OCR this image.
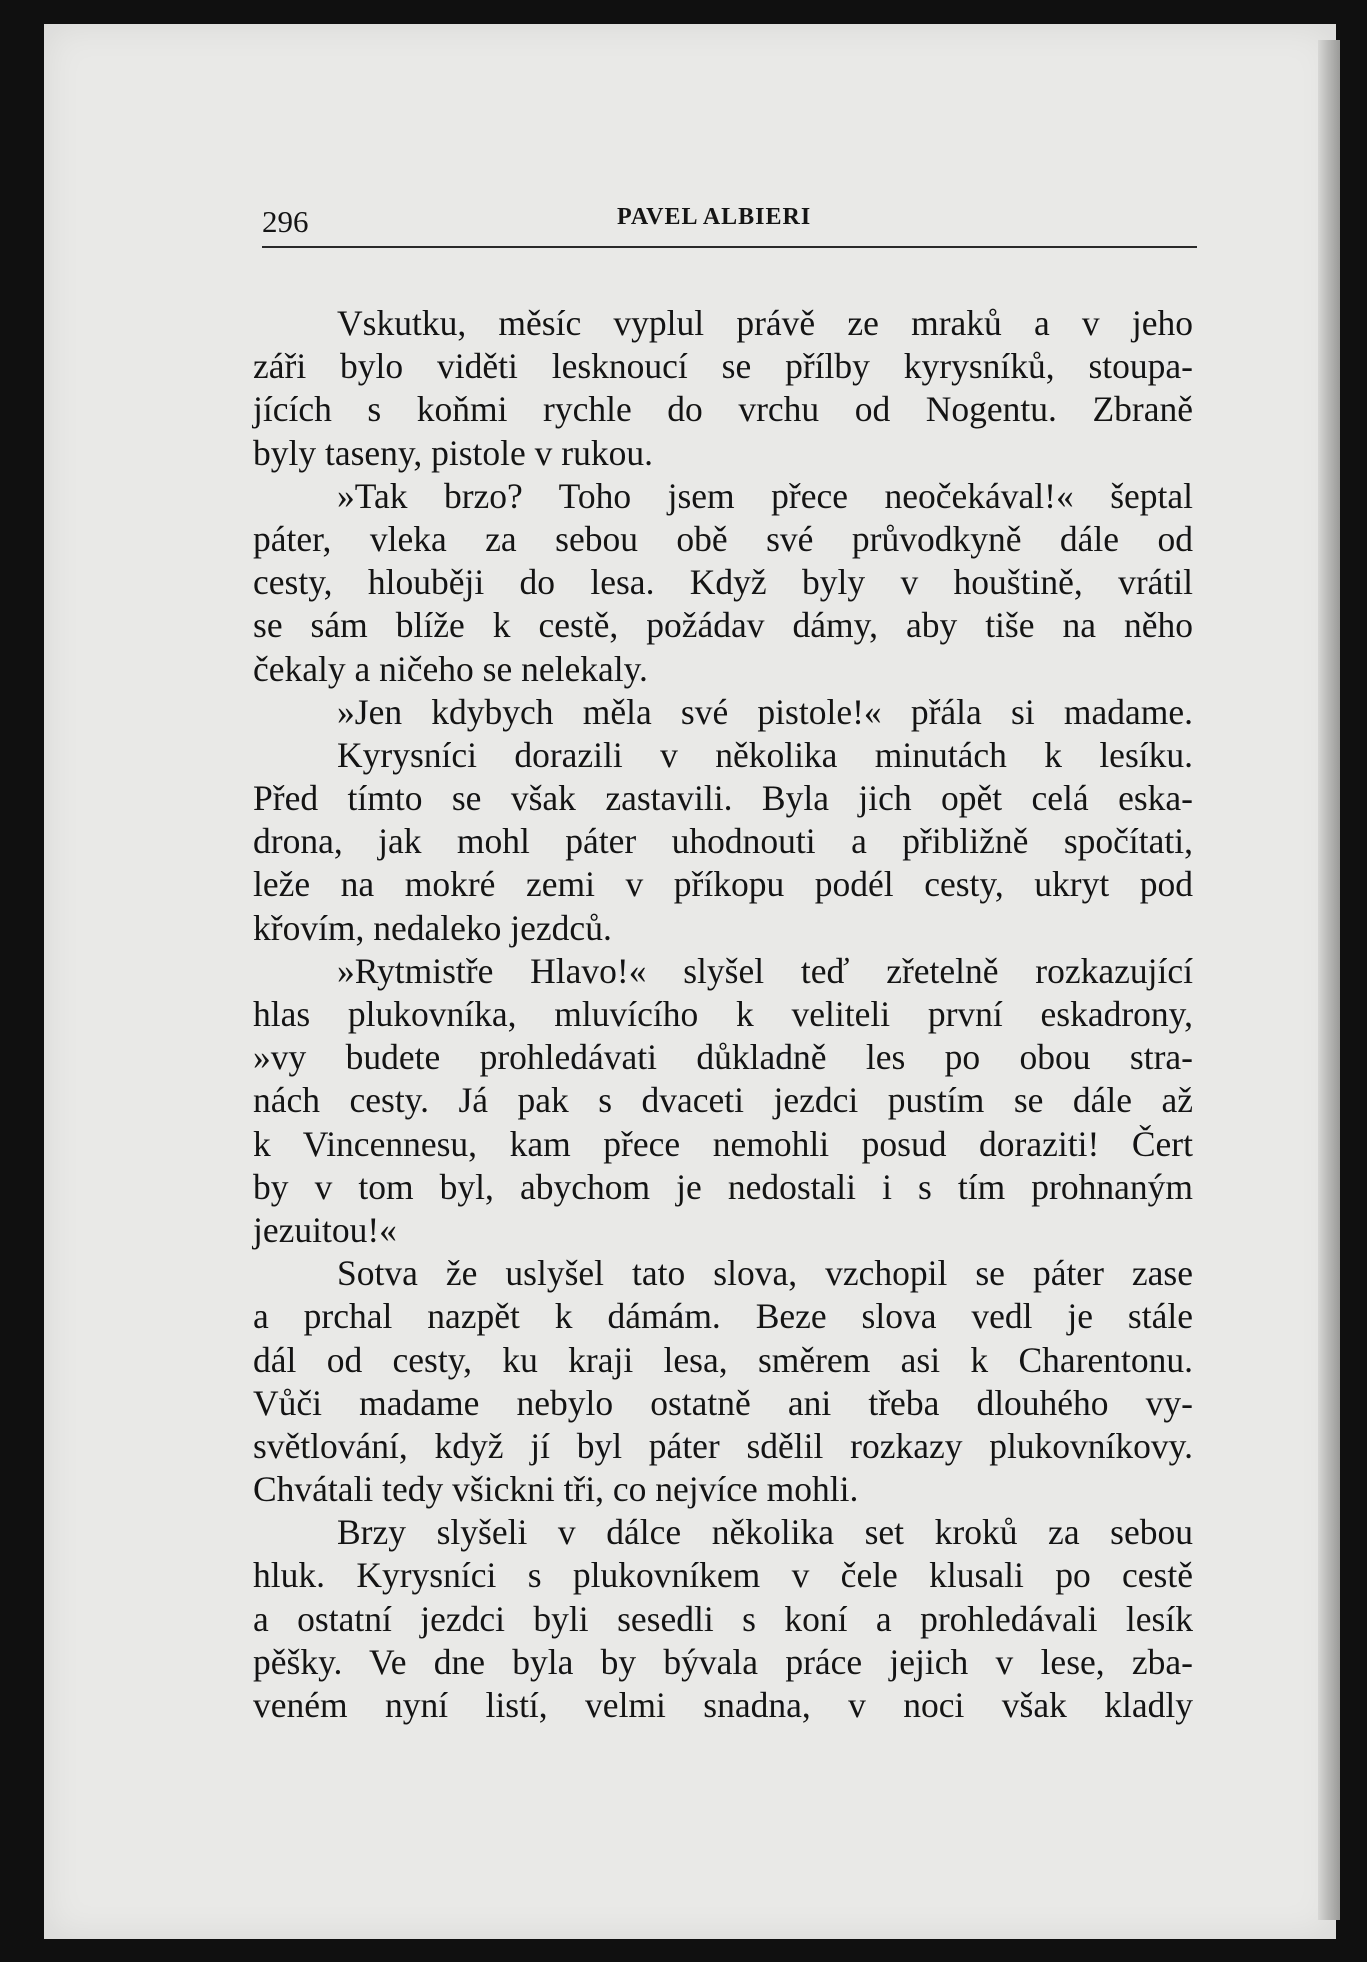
296	PAVEL ALBIERI
Vskutku, měsíc vyplul právě ze mraků a v jeho
záři bylo viděti lesknoucí se přílby kyrysníků, stoupa-
jících s koňmi rychle do vrchu od Nogentu. Zbraně
byly taseny, pistole v rukou.
»Tak brzo? Toho jsem přece neočekával!« šeptal
páter, vleka za sebou obě své průvodkyně dále od
cesty, hlouběji do lesa. Když byly v houštině, vrátil
se sám blíže k cestě, požádav dámy, aby tiše na něho
čekaly a ničeho se nelekaly.
»Jen kdybych měla své pistole!« přála si madame.
Kyrysníci dorazili v několika minutách k lesíku.
Před tímto se však zastavili. Byla jich opět celá eska-
drona, jak mohl páter uhodnouti a přibližně spočítati,
leže na mokré zemi v příkopu podél cesty, ukryt pod
křovím, nedaleko jezdců.
»Rytmistře Hlavo!« slyšel teď zřetelně rozkazující
hlas plukovníka, mluvícího k veliteli první eskadrony,
»vy budete prohledávati důkladně les po obou stra-
nách cesty. Já pak s dvaceti jezdci pustím se dále až
k Vincennesu, kam přece nemohli posud doraziti! Čert
by v tom byl, abychom je nedostali i s tím prohnaným
jezuitou!«
Sotva že uslyšel tato slova, vzchopil se páter zase
a prchal nazpět k dámám. Beze slova vedl je stále
dál od cesty, ku kraji lesa, směrem asi k Charentonu.
Vůči madame nebylo ostatně ani třeba dlouhého vy-
světlování, když jí byl páter sdělil rozkazy plukovníkovy.
Chvátali tedy všickni tři, co nejvíce mohli.
Brzy slyšeli v dálce několika set kroků za sebou
hluk. Kyrysníci s plukovníkem v čele klusali po cestě
a ostatní jezdci byli sesedli s koní a prohledávali lesík
pěšky. Ve dne byla by bývala práce jejich v lese, zba-
veném nyní listí, velmi snadna, v noci však kladly
